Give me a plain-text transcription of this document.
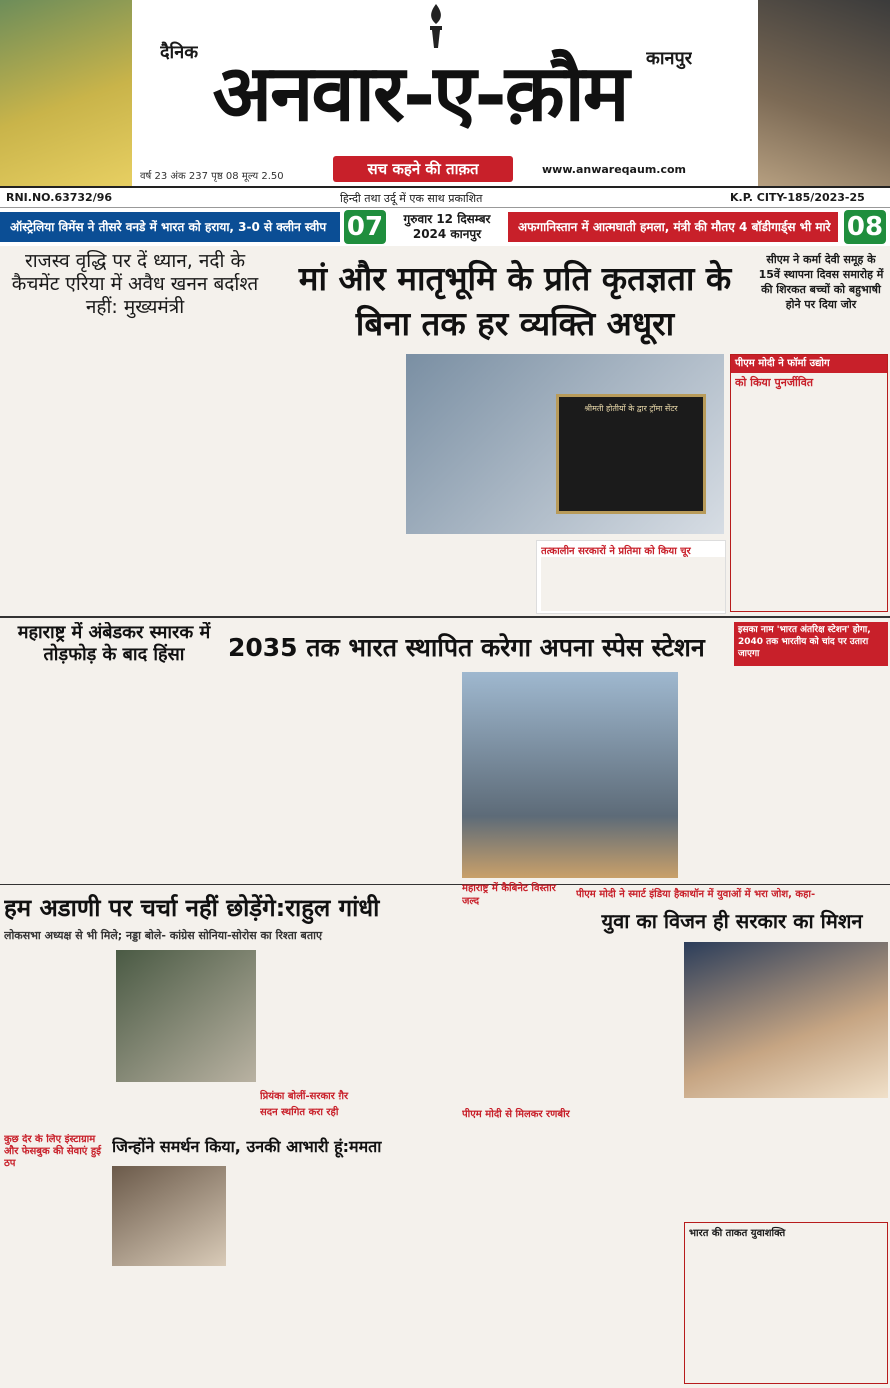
दैनिक अनवार-ए-क़ौम	कानपुर
वर्ष 23 अंक 237 पृष्ठ 08 मूल्य 2.50	सच कहने की ताक़त	www.anwareqaum.com
RNI.NO.63732/96	हिन्दी तथा उर्दू में एक साथ प्रकाशित	K.P. CITY-185/2023-25
ऑस्ट्रेलिया विमेंस ने तीसरे वनडे में भारत को हराया, 3-0 से क्लीन स्वीप 07	गुरुवार 12 दिसम्बर
2024 कानपुर	अफगानिस्तान में आत्मघाती हमला, मंत्री की मौतए 4 बॉडीगार्ड्स भी मारे 08
राजस्व वृद्धि पर दें ध्यान, नदी के कैचमेंट एरिया में अवैध खनन बर्दाश्त नहीं: मुख्यमंत्री
मां और मातृभूमि के प्रति कृतज्ञता के बिना तक हर व्यक्ति अधूरा
श्रीमती होतीयों के द्वार ट्रॉमा सेंटर
सीएम ने कर्मा देवी समूह के 15वें स्थापना दिवस समारोह में की शिरकत बच्चों को बहुभाषी होने पर दिया जोर
पीएम मोदी ने फॉर्मा उद्योग
को किया पुनर्जीवित
तत्कालीन सरकारों ने प्रतिमा को किया चूर
महाराष्ट्र में अंबेडकर स्मारक में तोड़फोड़ के बाद हिंसा	2035 तक भारत स्थापित करेगा अपना स्पेस स्टेशन
इसका नाम 'भारत अंतरिक्ष स्टेशन' होगा, 2040 तक भारतीय को चांद पर उतारा जाएगा
हम अडाणी पर चर्चा नहीं छोड़ेंगे:राहुल गांधी
लोकसभा अध्यक्ष से भी मिले; नड्डा बोले- कांग्रेस सोनिया-सोरोस का रिश्ता बताए
प्रियंका बोलीं-सरकार ग़ैर
सदन स्थगित करा रही
महाराष्ट्र में कैबिनेट विस्तार जल्द
पीएम मोदी से मिलकर रणबीर
पीएम मोदी ने स्मार्ट इंडिया हैकाथॉन में युवाओं में भरा जोश, कहा-
युवा का विजन ही सरकार का मिशन
कुछ देर के लिए इंस्टाग्राम और फेसबुक की सेवाएं हुई ठप
जिन्होंने समर्थन किया, उनकी आभारी हूं:ममता
भारत की ताकत युवाशक्ति
